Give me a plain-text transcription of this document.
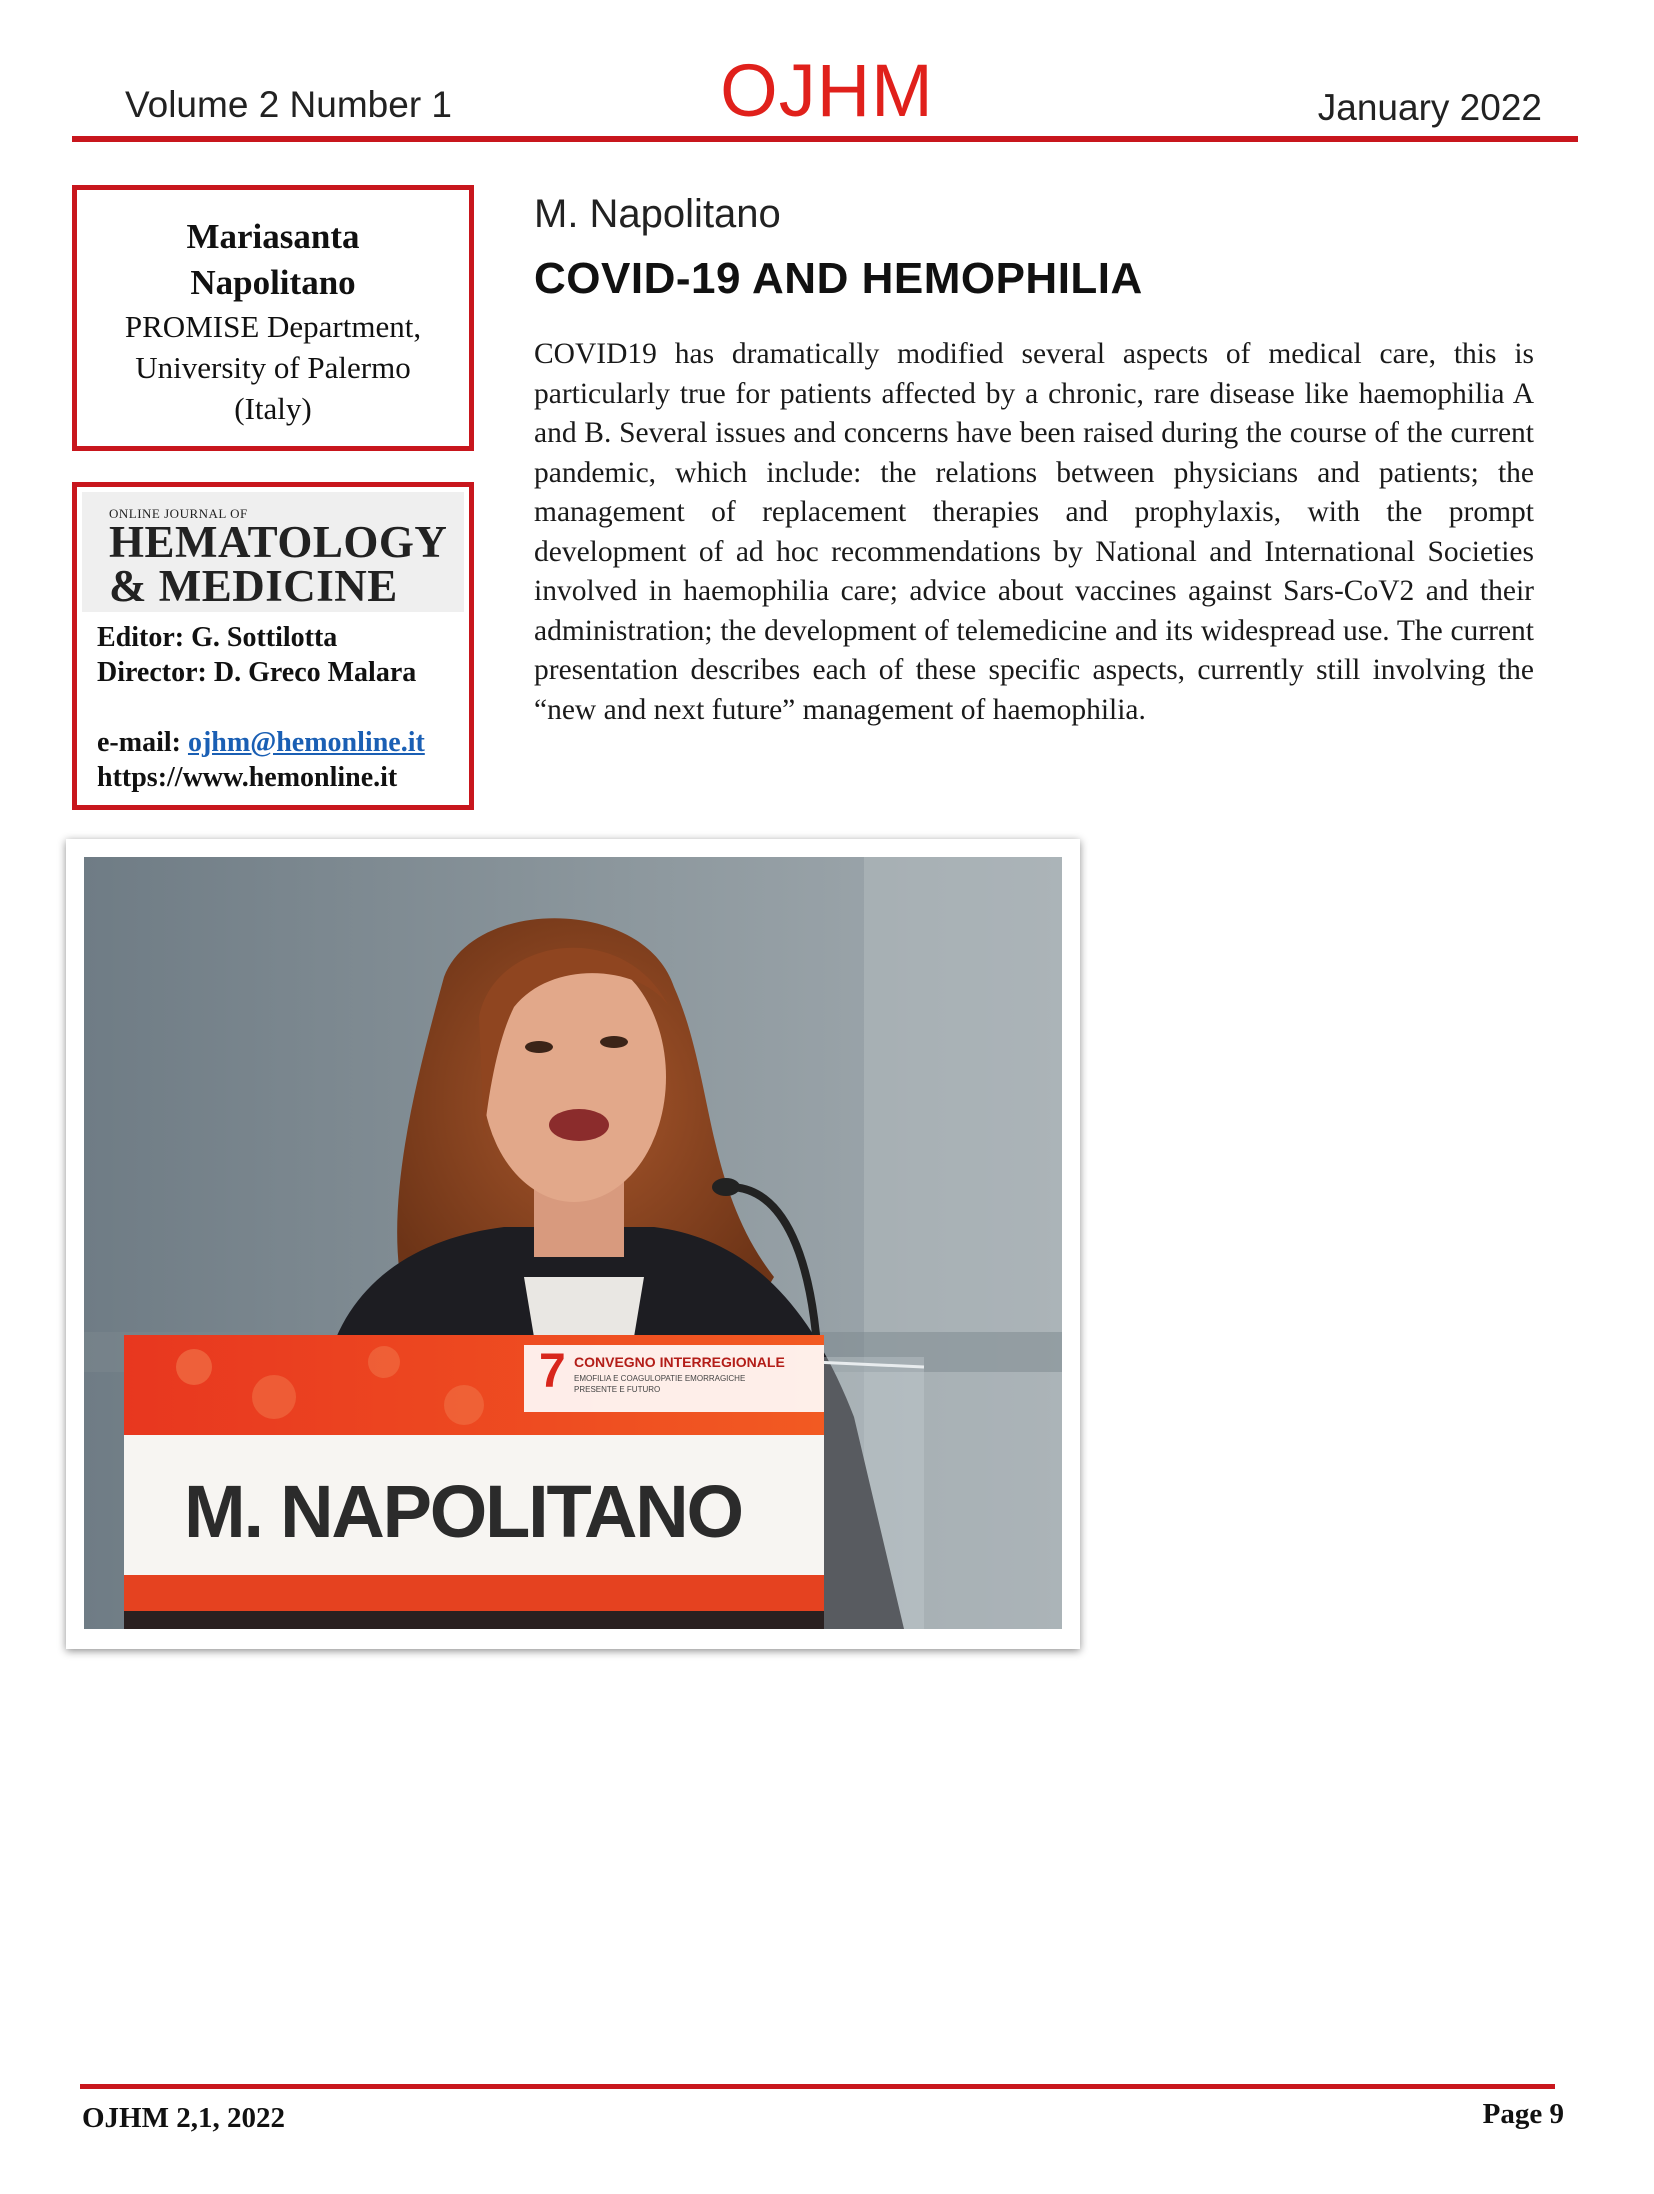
Volume 2 Number 1	OJHM	January 2022
Mariasanta
Napolitano
PROMISE Department,
University of Palermo
(Italy)
ONLINE JOURNAL OF
HEMATOLOGY
& MEDICINE
Editor: G. Sottilotta
Director: D. Greco Malara
e-mail: ojhm@hemonline.it
https://www.hemonline.it
M. Napolitano
COVID-19 AND HEMOPHILIA
COVID19 has dramatically modified several aspects of medical care, this is particularly true for patients affected by a chronic, rare disease like haemophilia A and B. Several issues and concerns have been raised during the course of the current pandemic, which include: the relations between physicians and patients; the management of replacement therapies and prophylaxis, with the prompt development of ad hoc recommendations by National and International Societies involved in haemophilia care; advice about vaccines against Sars-CoV2 and their administration; the development of telemedicine and its widespread use. The current presentation describes each of these specific aspects, currently still involving the “new and next future” management of haemophilia.
7 CONVEGNO INTERREGIONALE
EMOFILIA E COAGULOPATIE EMORRAGICHE
PRESENTE E FUTURO
M. NAPOLITANO
OJHM 2,1, 2022	Page 9
